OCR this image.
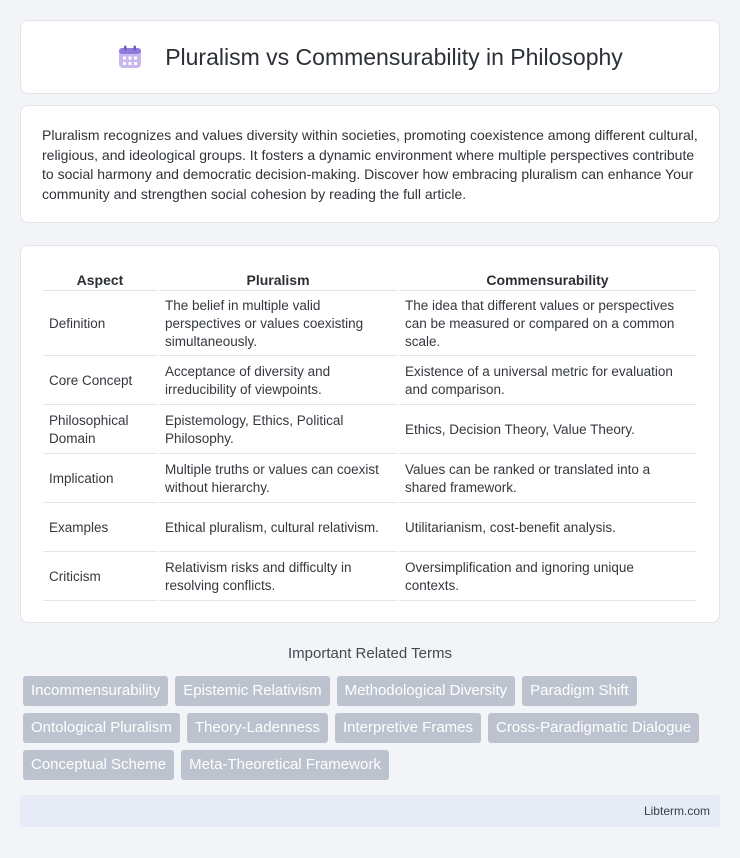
Pluralism vs Commensurability in Philosophy

Pluralism recognizes and values diversity within societies, promoting coexistence among different cultural, religious, and ideological groups. It fosters a dynamic environment where multiple perspectives contribute to social harmony and democratic decision-making. Discover how embracing pluralism can enhance Your community and strengthen social cohesion by reading the full article.

Aspect	Pluralism	Commensurability
Definition	The belief in multiple valid perspectives or values coexisting simultaneously.	The idea that different values or perspectives can be measured or compared on a common scale.
Core Concept	Acceptance of diversity and irreducibility of viewpoints.	Existence of a universal metric for evaluation and comparison.
Philosophical Domain	Epistemology, Ethics, Political Philosophy.	Ethics, Decision Theory, Value Theory.
Implication	Multiple truths or values can coexist without hierarchy.	Values can be ranked or translated into a shared framework.
Examples	Ethical pluralism, cultural relativism.	Utilitarianism, cost-benefit analysis.
Criticism	Relativism risks and difficulty in resolving conflicts.	Oversimplification and ignoring unique contexts.
Important Related Terms
Incommensurability	Epistemic Relativism	Methodological Diversity	Paradigm Shift
Ontological Pluralism	Theory-Ladenness	Interpretive Frames	Cross-Paradigmatic Dialogue
Conceptual Scheme	Meta-Theoretical Framework
Libterm.com
